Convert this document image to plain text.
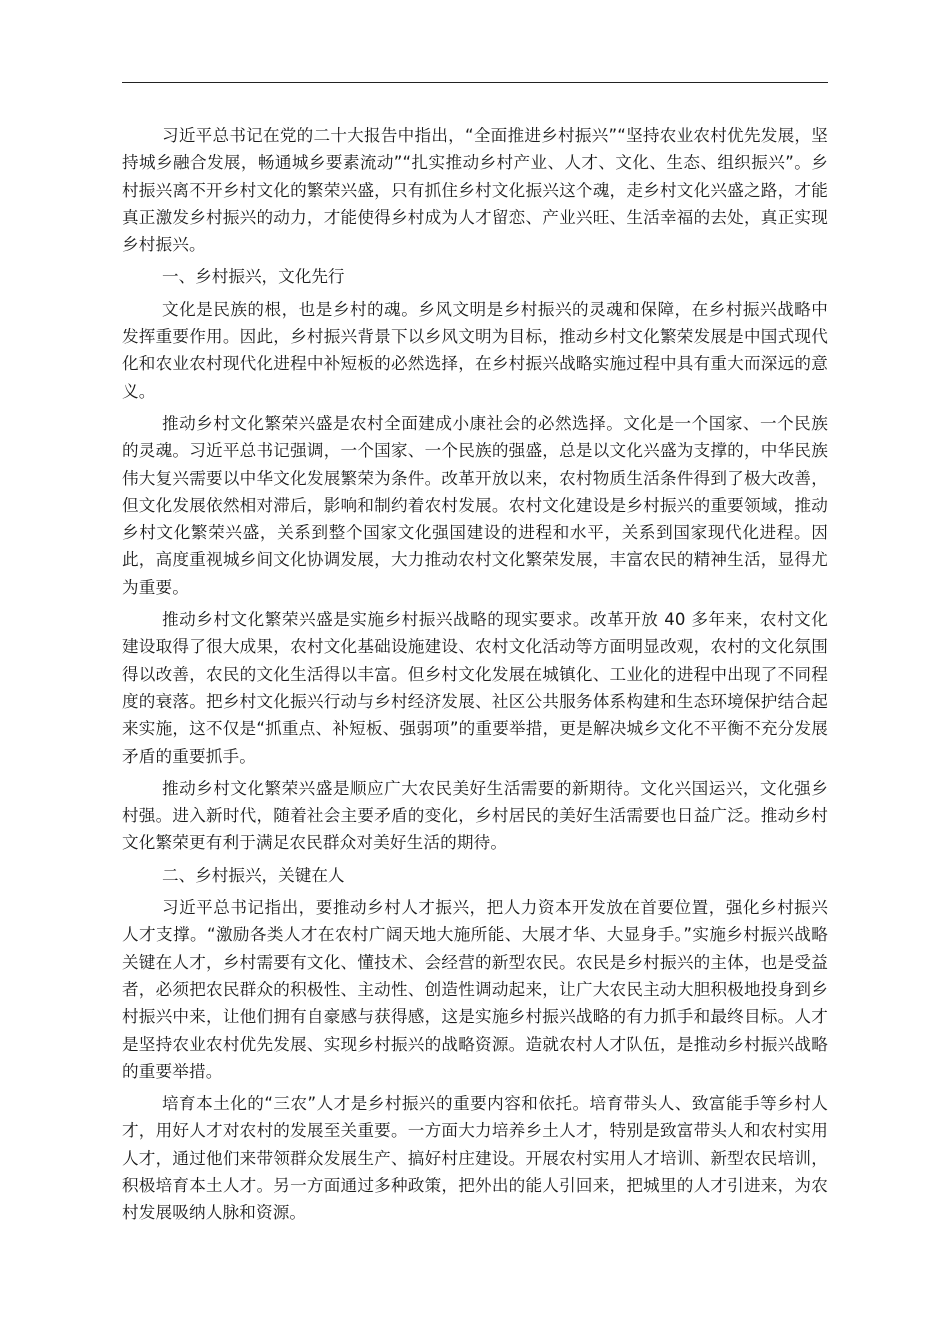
习近平总书记在党的二十大报告中指出，“全面推进乡村振兴”“坚持农业农村优先发展，坚持城乡融合发展，畅通城乡要素流动”“扎实推动乡村产业、人才、文化、生态、组织振兴”。乡村振兴离不开乡村文化的繁荣兴盛，只有抓住乡村文化振兴这个魂，走乡村文化兴盛之路，才能真正激发乡村振兴的动力，才能使得乡村成为人才留恋、产业兴旺、生活幸福的去处，真正实现乡村振兴。

一、乡村振兴，文化先行

文化是民族的根，也是乡村的魂。乡风文明是乡村振兴的灵魂和保障，在乡村振兴战略中发挥重要作用。因此，乡村振兴背景下以乡风文明为目标，推动乡村文化繁荣发展是中国式现代化和农业农村现代化进程中补短板的必然选择，在乡村振兴战略实施过程中具有重大而深远的意义。

推动乡村文化繁荣兴盛是农村全面建成小康社会的必然选择。文化是一个国家、一个民族的灵魂。习近平总书记强调，一个国家、一个民族的强盛，总是以文化兴盛为支撑的，中华民族伟大复兴需要以中华文化发展繁荣为条件。改革开放以来，农村物质生活条件得到了极大改善，但文化发展依然相对滞后，影响和制约着农村发展。农村文化建设是乡村振兴的重要领域，推动乡村文化繁荣兴盛，关系到整个国家文化强国建设的进程和水平，关系到国家现代化进程。因此，高度重视城乡间文化协调发展，大力推动农村文化繁荣发展，丰富农民的精神生活，显得尤为重要。

推动乡村文化繁荣兴盛是实施乡村振兴战略的现实要求。改革开放 40 多年来，农村文化建设取得了很大成果，农村文化基础设施建设、农村文化活动等方面明显改观，农村的文化氛围得以改善，农民的文化生活得以丰富。但乡村文化发展在城镇化、工业化的进程中出现了不同程度的衰落。把乡村文化振兴行动与乡村经济发展、社区公共服务体系构建和生态环境保护结合起来实施，这不仅是“抓重点、补短板、强弱项”的重要举措，更是解决城乡文化不平衡不充分发展矛盾的重要抓手。

推动乡村文化繁荣兴盛是顺应广大农民美好生活需要的新期待。文化兴国运兴，文化强乡村强。进入新时代，随着社会主要矛盾的变化，乡村居民的美好生活需要也日益广泛。推动乡村文化繁荣更有利于满足农民群众对美好生活的期待。

二、乡村振兴，关键在人

习近平总书记指出，要推动乡村人才振兴，把人力资本开发放在首要位置，强化乡村振兴人才支撑。“激励各类人才在农村广阔天地大施所能、大展才华、大显身手。”实施乡村振兴战略关键在人才，乡村需要有文化、懂技术、会经营的新型农民。农民是乡村振兴的主体，也是受益者，必须把农民群众的积极性、主动性、创造性调动起来，让广大农民主动大胆积极地投身到乡村振兴中来，让他们拥有自豪感与获得感，这是实施乡村振兴战略的有力抓手和最终目标。人才是坚持农业农村优先发展、实现乡村振兴的战略资源。造就农村人才队伍，是推动乡村振兴战略的重要举措。

培育本土化的“三农”人才是乡村振兴的重要内容和依托。培育带头人、致富能手等乡村人才，用好人才对农村的发展至关重要。一方面大力培养乡土人才，特别是致富带头人和农村实用人才，通过他们来带领群众发展生产、搞好村庄建设。开展农村实用人才培训、新型农民培训，积极培育本土人才。另一方面通过多种政策，把外出的能人引回来，把城里的人才引进来，为农村发展吸纳人脉和资源。
